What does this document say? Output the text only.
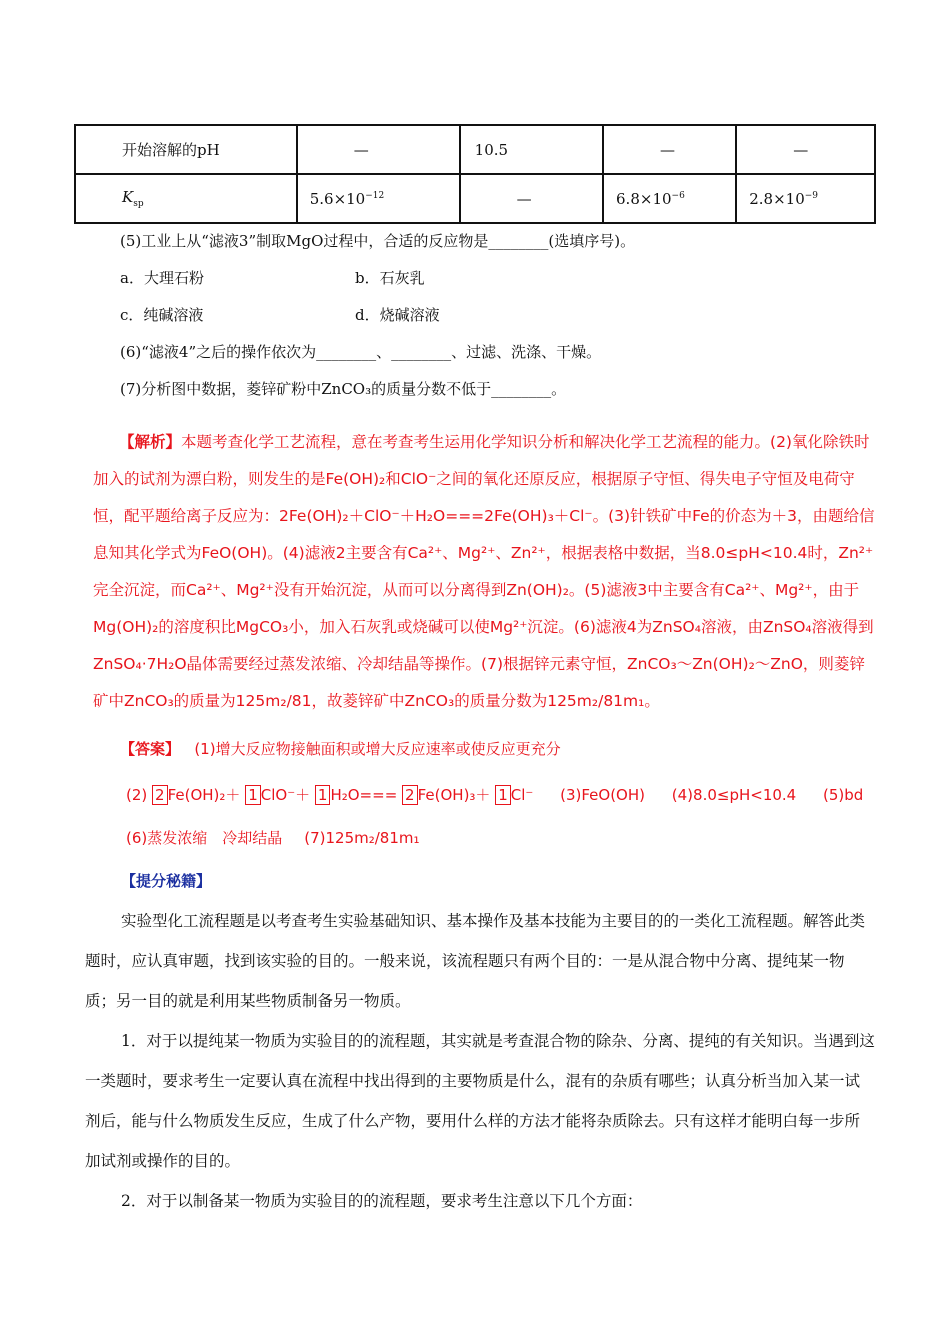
开始溶解的pH	—	10.5	—	—
$K_{sp}$	$5.6\times 10^{-12}$	—	$6.8\times 10^{-6}$	$2.8\times 10^{-9}$
(5)工业上从“滤液3”制取MgO过程中，合适的反应物是________(选填序号)。
a．大理石粉	b．石灰乳
c．纯碱溶液	d．烧碱溶液
(6)“滤液4”之后的操作依次为________、________、过滤、洗涤、干燥。
(7)分析图中数据，菱锌矿粉中ZnCO₃的质量分数不低于________。

【解析】本题考查化学工艺流程，意在考查考生运用化学知识分析和解决化学工艺流程的能力。(2)氧化除铁时加入的试剂为漂白粉，则发生的是Fe(OH)₂和ClO⁻之间的氧化还原反应，根据原子守恒、得失电子守恒及电荷守恒，配平题给离子反应为：2Fe(OH)₂＋ClO⁻＋H₂O===2Fe(OH)₃＋Cl⁻。(3)针铁矿中Fe的价态为＋3，由题给信息知其化学式为FeO(OH)。(4)滤液2主要含有Ca²⁺、Mg²⁺、Zn²⁺，根据表格中数据，当8.0≤pH<10.4时，Zn²⁺完全沉淀，而Ca²⁺、Mg²⁺没有开始沉淀，从而可以分离得到Zn(OH)₂。(5)滤液3中主要含有Ca²⁺、Mg²⁺，由于Mg(OH)₂的溶度积比MgCO₃小，加入石灰乳或烧碱可以使Mg²⁺沉淀。(6)滤液4为ZnSO₄溶液，由ZnSO₄溶液得到ZnSO₄·7H₂O晶体需要经过蒸发浓缩、冷却结晶等操作。(7)根据锌元素守恒，ZnCO₃～Zn(OH)₂～ZnO，则菱锌矿中ZnCO₃的质量为125m₂/81，故菱锌矿中ZnCO₃的质量分数为125m₂/81m₁。

【答案】 (1)增大反应物接触面积或增大反应速率或使反应更充分
(2) 2 Fe(OH)₂＋ 1 ClO⁻＋ 1 H₂O=== 2 Fe(OH)₃＋ 1 Cl⁻ (3)FeO(OH) (4)8.0≤pH<10.4 (5)bd
(6)蒸发浓缩　冷却结晶 (7)125m₂/81m₁
【提分秘籍】

实验型化工流程题是以考查考生实验基础知识、基本操作及基本技能为主要目的的一类化工流程题。解答此类题时，应认真审题，找到该实验的目的。一般来说，该流程题只有两个目的：一是从混合物中分离、提纯某一物质；另一目的就是利用某些物质制备另一物质。

1．对于以提纯某一物质为实验目的的流程题，其实就是考查混合物的除杂、分离、提纯的有关知识。当遇到这一类题时，要求考生一定要认真在流程中找出得到的主要物质是什么，混有的杂质有哪些；认真分析当加入某一试剂后，能与什么物质发生反应，生成了什么产物，要用什么样的方法才能将杂质除去。只有这样才能明白每一步所加试剂或操作的目的。

2．对于以制备某一物质为实验目的的流程题，要求考生注意以下几个方面：
